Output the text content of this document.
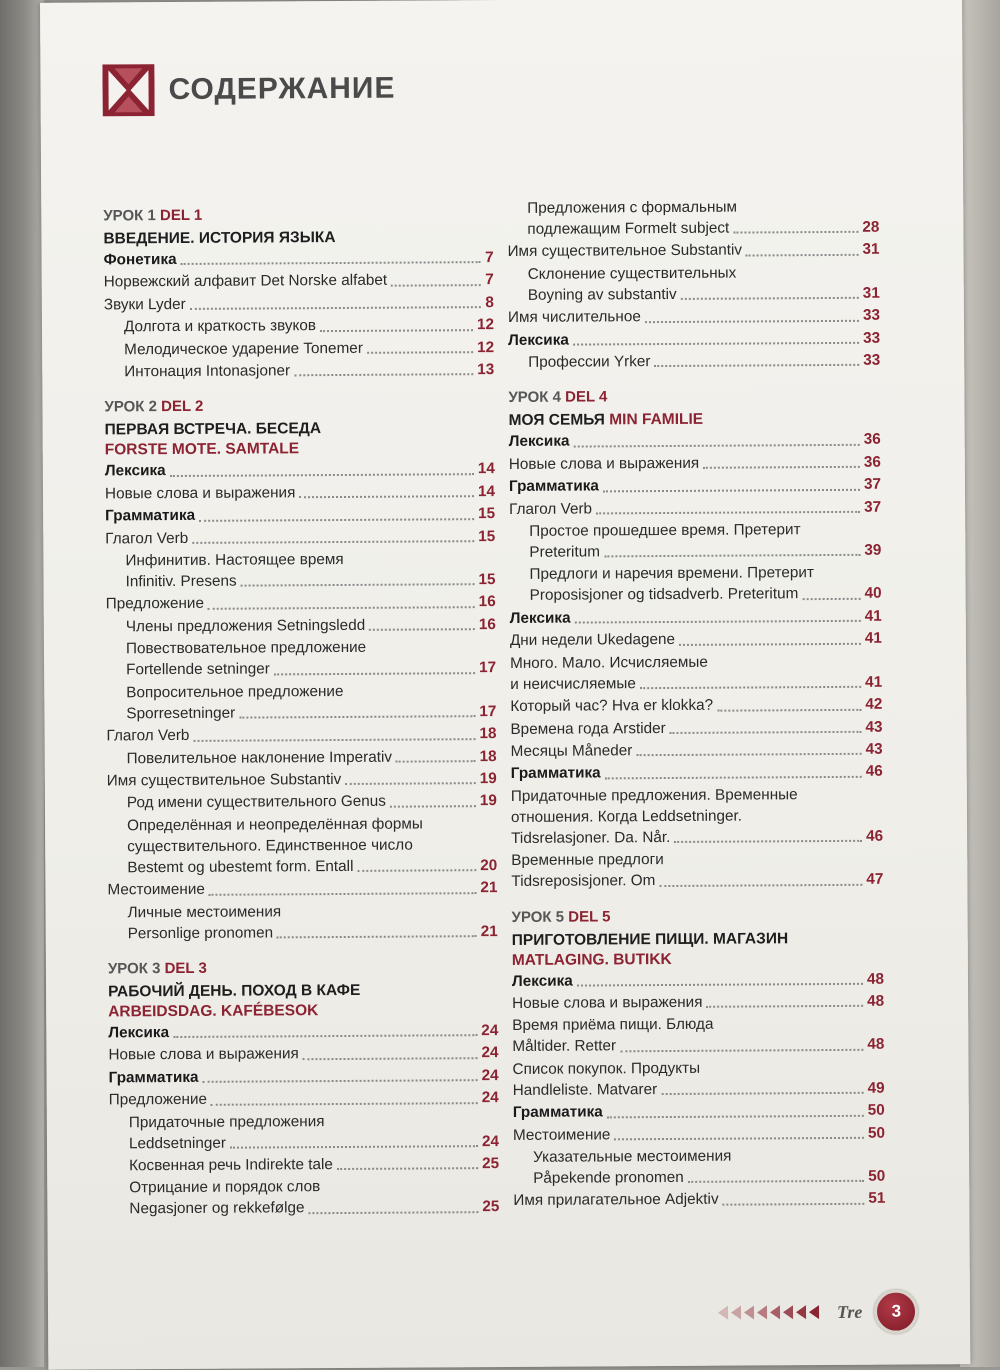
СОДЕРЖАНИЕ
УРОК 1 DEL 1
ВВЕДЕНИЕ. ИСТОРИЯ ЯЗЫКА
Фонетика	7
Норвежский алфавит Det Norske alfabet	7
Звуки Lyder	8
Долгота и краткость звуков	12
Мелодическое ударение Tonemer	12
Интонация Intonasjoner	13
УРОК 2 DEL 2
ПЕРВАЯ ВСТРЕЧА. БЕСЕДА
FORSTE MOTE. SAMTALE
Лексика	14
Новые слова и выражения	14
Грамматика	15
Глагол Verb	15
Инфинитив. Настоящее время
Infinitiv. Presens	15
Предложение	16
Члены предложения Setningsledd	16
Повествовательное предложение
Fortellende setninger	17
Вопросительное предложение
Sporresetninger	17
Глагол Verb	18
Повелительное наклонение Imperativ	18
Имя существительное Substantiv	19
Род имени существительного Genus	19
Определённая и неопределённая формы
существительного. Единственное число
Bestemt og ubestemt form. Entall	20
Местоимение	21
Личные местоимения
Personlige pronomen	21
УРОК 3 DEL 3
РАБОЧИЙ ДЕНЬ. ПОХОД В КАФЕ
ARBEIDSDAG. KAFÉBESOK
Лексика	24
Новые слова и выражения	24
Грамматика	24
Предложение	24
Придаточные предложения
Leddsetninger	24
Косвенная речь Indirekte tale	25
Отрицание и порядок слов
Negasjoner og rekkefølge	25
Предложения с формальным
подлежащим Formelt subject	28
Имя существительное Substantiv	31
Склонение существительных
Boyning av substantiv	31
Имя числительное	33
Лексика	33
Профессии Yrker	33
УРОК 4 DEL 4
МОЯ СЕМЬЯ MIN FAMILIE
Лексика	36
Новые слова и выражения	36
Грамматика	37
Глагол Verb	37
Простое прошедшее время. Претерит
Preteritum	39
Предлоги и наречия времени. Претерит
Proposisjoner og tidsadverb. Preteritum	40
Лексика	41
Дни недели Ukedagene	41
Много. Мало. Исчисляемые
и неисчисляемые	41
Который час? Hva er klokka?	42
Времена года Arstider	43
Месяцы Måneder	43
Грамматика	46
Придаточные предложения. Временные
отношения. Когда Leddsetninger.
Tidsrelasjoner. Da. Når.	46
Временные предлоги
Tidsreposisjoner. Om	47
УРОК 5 DEL 5
ПРИГОТОВЛЕНИЕ ПИЩИ. МАГАЗИН
MATLAGING. BUTIKK
Лексика	48
Новые слова и выражения	48
Время приёма пищи. Блюда
Måltider. Retter	48
Список покупок. Продукты
Handleliste. Matvarer	49
Грамматика	50
Местоимение	50
Указательные местоимения
Påpekende pronomen	50
Имя прилагательное Adjektiv	51
Tre	3
